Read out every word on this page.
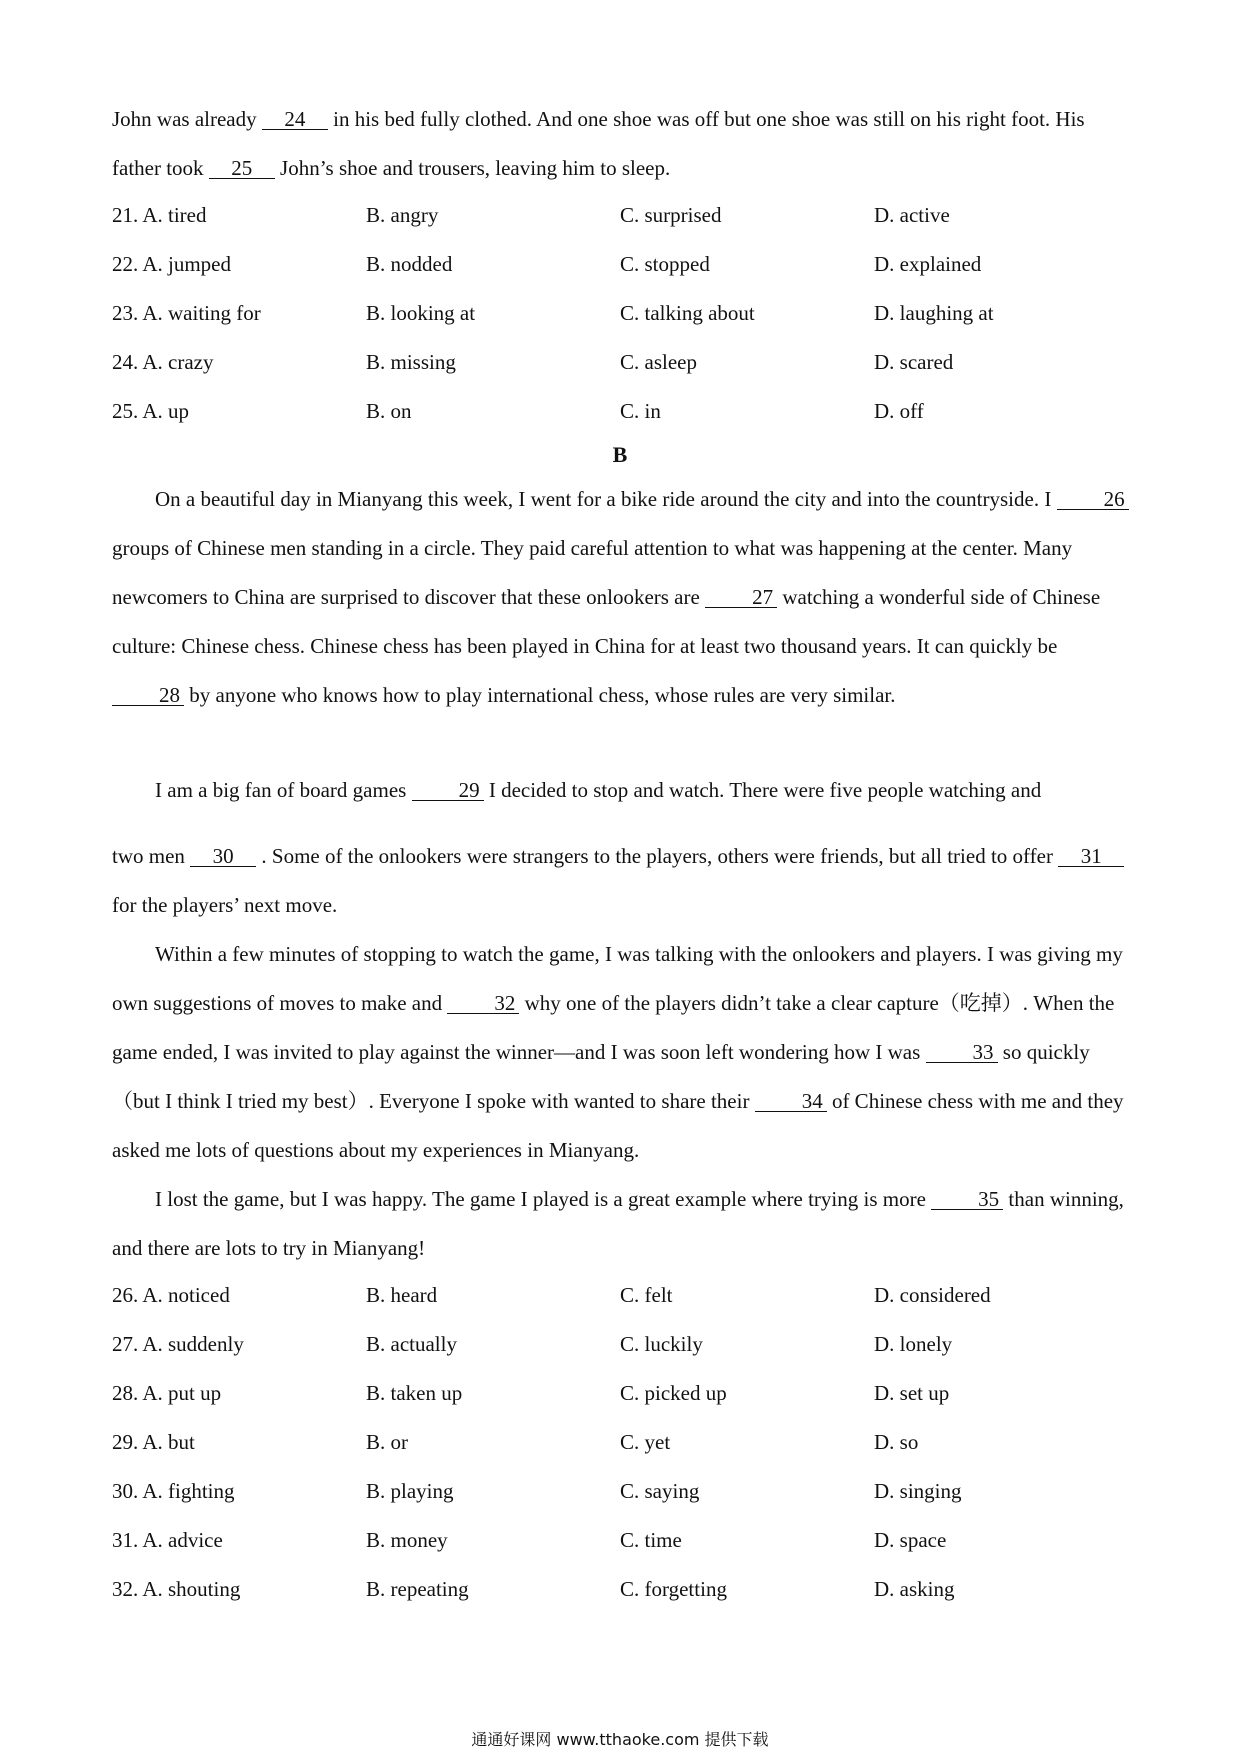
John was already 24 in his bed fully clothed. And one shoe was off but one shoe was still on his right foot. His father took 25 John’s shoe and trousers, leaving him to sleep.

21. A. tired	B. angry	C. surprised	D. active
22. A. jumped	B. nodded	C. stopped	D. explained
23. A. waiting for	B. looking at	C. talking about	D. laughing at
24. A. crazy	B. missing	C. asleep	D. scared
25. A. up	B. on	C. in	D. off
B

On a beautiful day in Mianyang this week, I went for a bike ride around the city and into the countryside. I 26 groups of Chinese men standing in a circle. They paid careful attention to what was happening at the center. Many newcomers to China are surprised to discover that these onlookers are 27 watching a wonderful side of Chinese culture: Chinese chess. Chinese chess has been played in China for at least two thousand years. It can quickly be 28 by anyone who knows how to play international chess, whose rules are very similar.

I am a big fan of board games 29 I decided to stop and watch. There were five people watching and

two men 30 . Some of the onlookers were strangers to the players, others were friends, but all tried to offer 31 for the players’ next move.

Within a few minutes of stopping to watch the game, I was talking with the onlookers and players. I was giving my own suggestions of moves to make and 32 why one of the players didn’t take a clear capture（吃掉）. When the game ended, I was invited to play against the winner—and I was soon left wondering how I was 33 so quickly（but I think I tried my best）. Everyone I spoke with wanted to share their 34 of Chinese chess with me and they asked me lots of questions about my experiences in Mianyang.

I lost the game, but I was happy. The game I played is a great example where trying is more 35 than winning, and there are lots to try in Mianyang!

26. A. noticed	B. heard	C. felt	D. considered
27. A. suddenly	B. actually	C. luckily	D. lonely
28. A. put up	B. taken up	C. picked up	D. set up
29. A. but	B. or	C. yet	D. so
30. A. fighting	B. playing	C. saying	D. singing
31. A. advice	B. money	C. time	D. space
32. A. shouting	B. repeating	C. forgetting	D. asking
通通好课网 www.tthaoke.com 提供下载
